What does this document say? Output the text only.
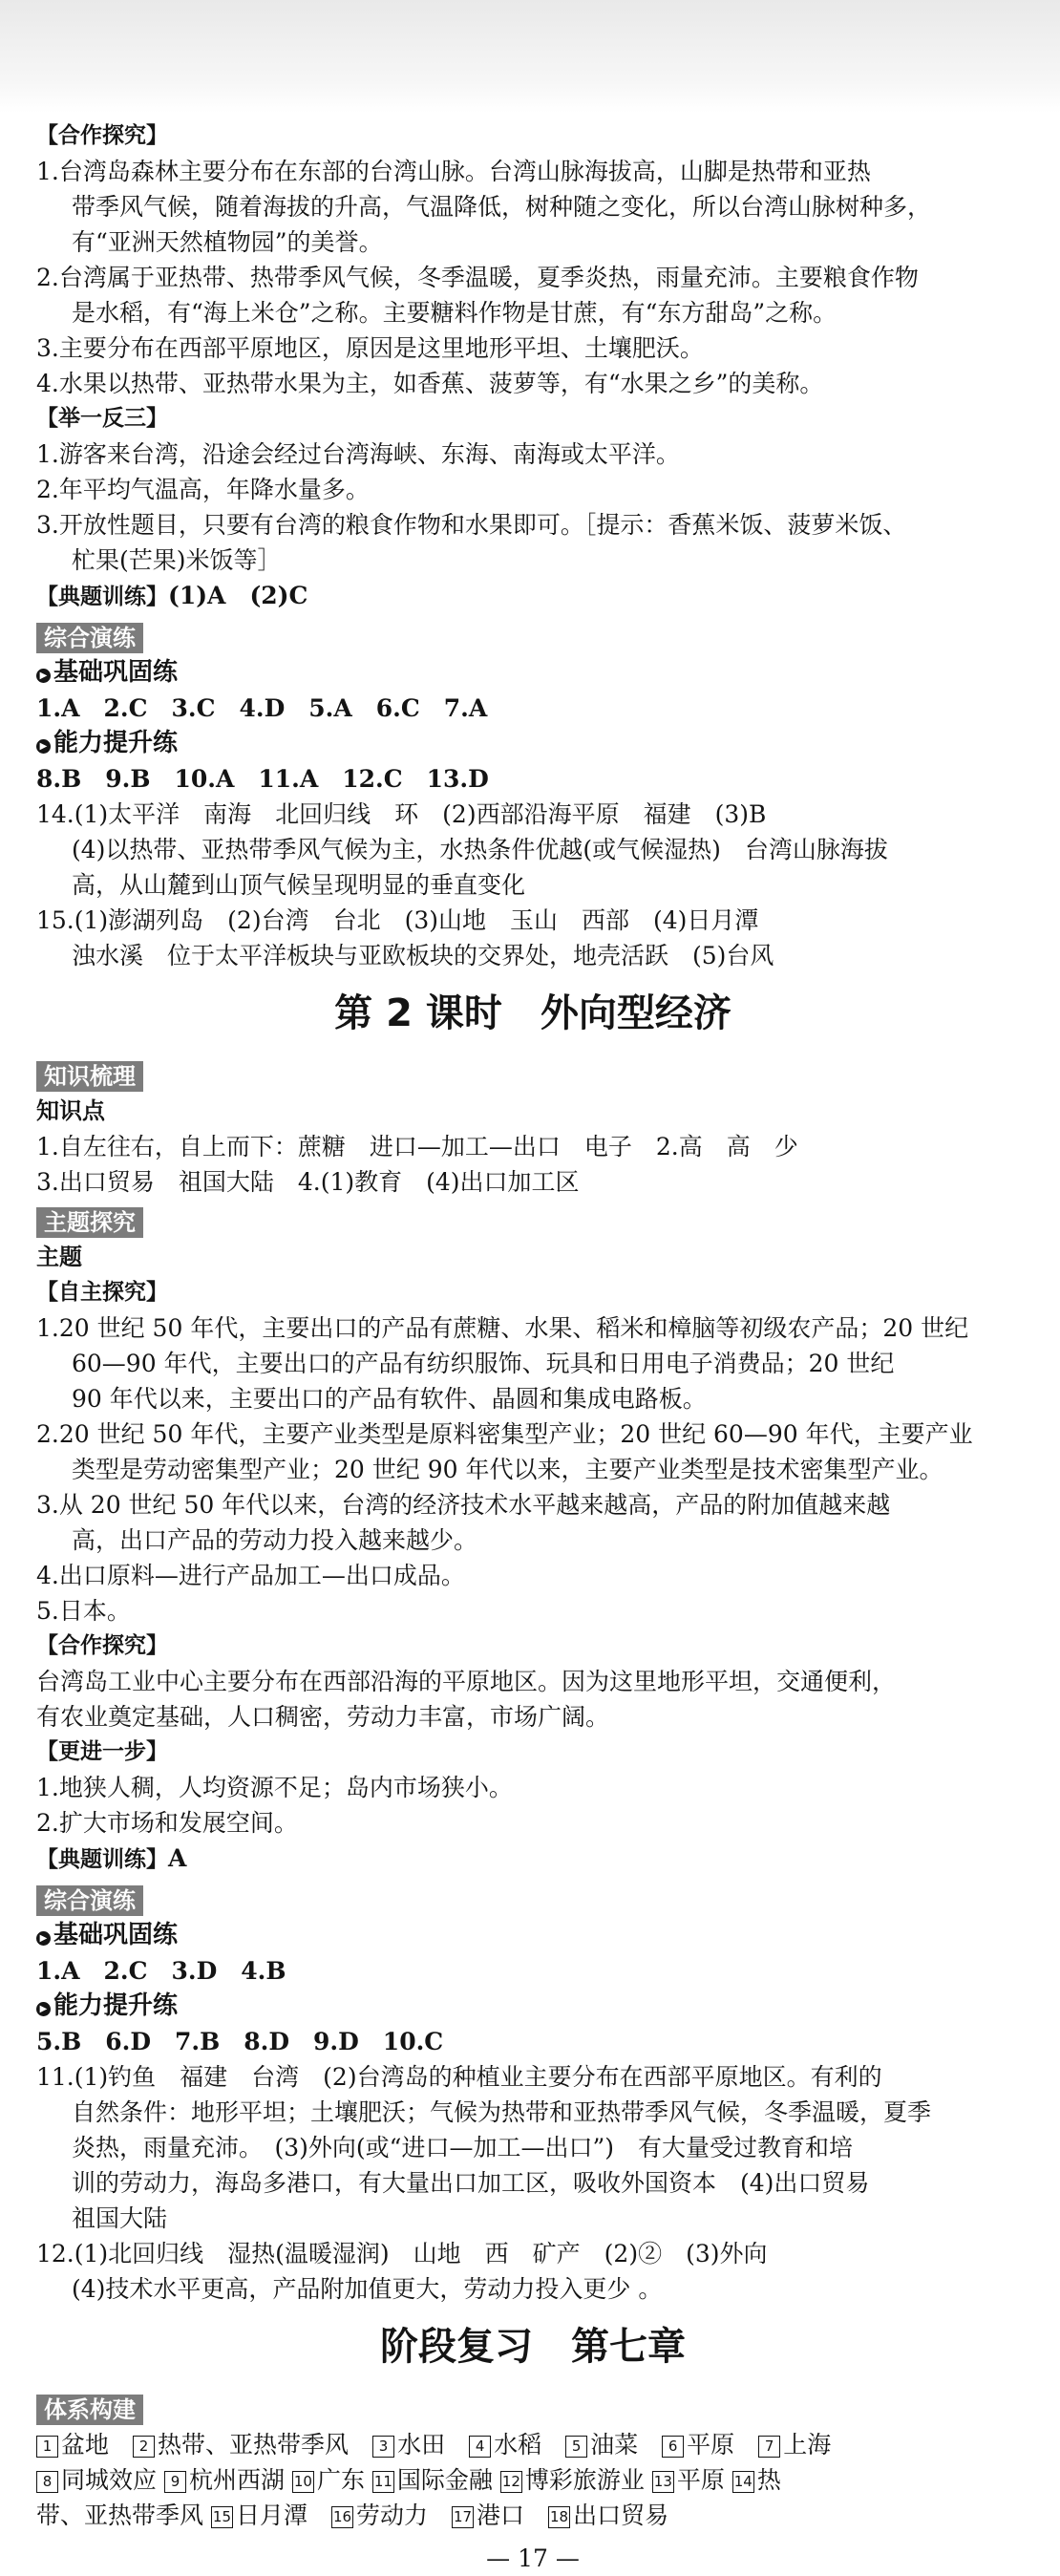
【合作探究】
1.台湾岛森林主要分布在东部的台湾山脉。台湾山脉海拔高，山脚是热带和亚热
带季风气候，随着海拔的升高，气温降低，树种随之变化，所以台湾山脉树种多，
有“亚洲天然植物园”的美誉。
2.台湾属于亚热带、热带季风气候，冬季温暖，夏季炎热，雨量充沛。主要粮食作物
是水稻，有“海上米仓”之称。主要糖料作物是甘蔗，有“东方甜岛”之称。
3.主要分布在西部平原地区，原因是这里地形平坦、土壤肥沃。
4.水果以热带、亚热带水果为主，如香蕉、菠萝等，有“水果之乡”的美称。
【举一反三】
1.游客来台湾，沿途会经过台湾海峡、东海、南海或太平洋。
2.年平均气温高，年降水量多。
3.开放性题目，只要有台湾的粮食作物和水果即可。［提示：香蕉米饭、菠萝米饭、
杧果(芒果)米饭等］
【典题训练】(1)A　(2)C
综合演练
▶ 基础巩固练
1.A　2.C　3.C　4.D　5.A　6.C　7.A
▶ 能力提升练
8.B　9.B　10.A　11.A　12.C　13.D
14.(1)太平洋　南海　北回归线　环　(2)西部沿海平原　福建　(3)B
(4)以热带、亚热带季风气候为主，水热条件优越(或气候湿热)　台湾山脉海拔
高，从山麓到山顶气候呈现明显的垂直变化
15.(1)澎湖列岛　(2)台湾　台北　(3)山地　玉山　西部　(4)日月潭
浊水溪　位于太平洋板块与亚欧板块的交界处，地壳活跃　(5)台风
第 2 课时　外向型经济
知识梳理
知识点
1.自左往右，自上而下：蔗糖　进口—加工—出口　电子　2.高　高　少
3.出口贸易　祖国大陆　4.(1)教育　(4)出口加工区
主题探究
主题
【自主探究】
1.20 世纪 50 年代，主要出口的产品有蔗糖、水果、稻米和樟脑等初级农产品；20 世纪
60—90 年代，主要出口的产品有纺织服饰、玩具和日用电子消费品；20 世纪
90 年代以来，主要出口的产品有软件、晶圆和集成电路板。
2.20 世纪 50 年代，主要产业类型是原料密集型产业；20 世纪 60—90 年代，主要产业
类型是劳动密集型产业；20 世纪 90 年代以来，主要产业类型是技术密集型产业。
3.从 20 世纪 50 年代以来，台湾的经济技术水平越来越高，产品的附加值越来越
高，出口产品的劳动力投入越来越少。
4.出口原料—进行产品加工—出口成品。
5.日本。
【合作探究】
台湾岛工业中心主要分布在西部沿海的平原地区。因为这里地形平坦，交通便利，
有农业奠定基础，人口稠密，劳动力丰富，市场广阔。
【更进一步】
1.地狭人稠，人均资源不足；岛内市场狭小。
2.扩大市场和发展空间。
【典题训练】A
综合演练
▶ 基础巩固练
1.A　2.C　3.D　4.B
▶ 能力提升练
5.B　6.D　7.B　8.D　9.D　10.C
11.(1)钓鱼　福建　台湾　(2)台湾岛的种植业主要分布在西部平原地区。有利的
自然条件：地形平坦；土壤肥沃；气候为热带和亚热带季风气候，冬季温暖，夏季
炎热，雨量充沛。　(3)外向(或“进口—加工—出口”)　有大量受过教育和培
训的劳动力，海岛多港口，有大量出口加工区，吸收外国资本　(4)出口贸易
祖国大陆
12.(1)北回归线　湿热(温暖湿润)　山地　西　矿产　(2)②　(3)外向
(4)技术水平更高，产品附加值更大，劳动力投入更少 。
阶段复习　第七章
体系构建
1 盆地　 2 热带、亚热带季风　 3 水田　 4 水稻　 5 油菜　 6 平原　 7 上海
8 同城效应 9 杭州西湖 10 广东 11 国际金融 12 博彩旅游业 13 平原 14 热
带、亚热带季风 15 日月潭　 16 劳动力　 17 港口　 18 出口贸易
— 17 —
